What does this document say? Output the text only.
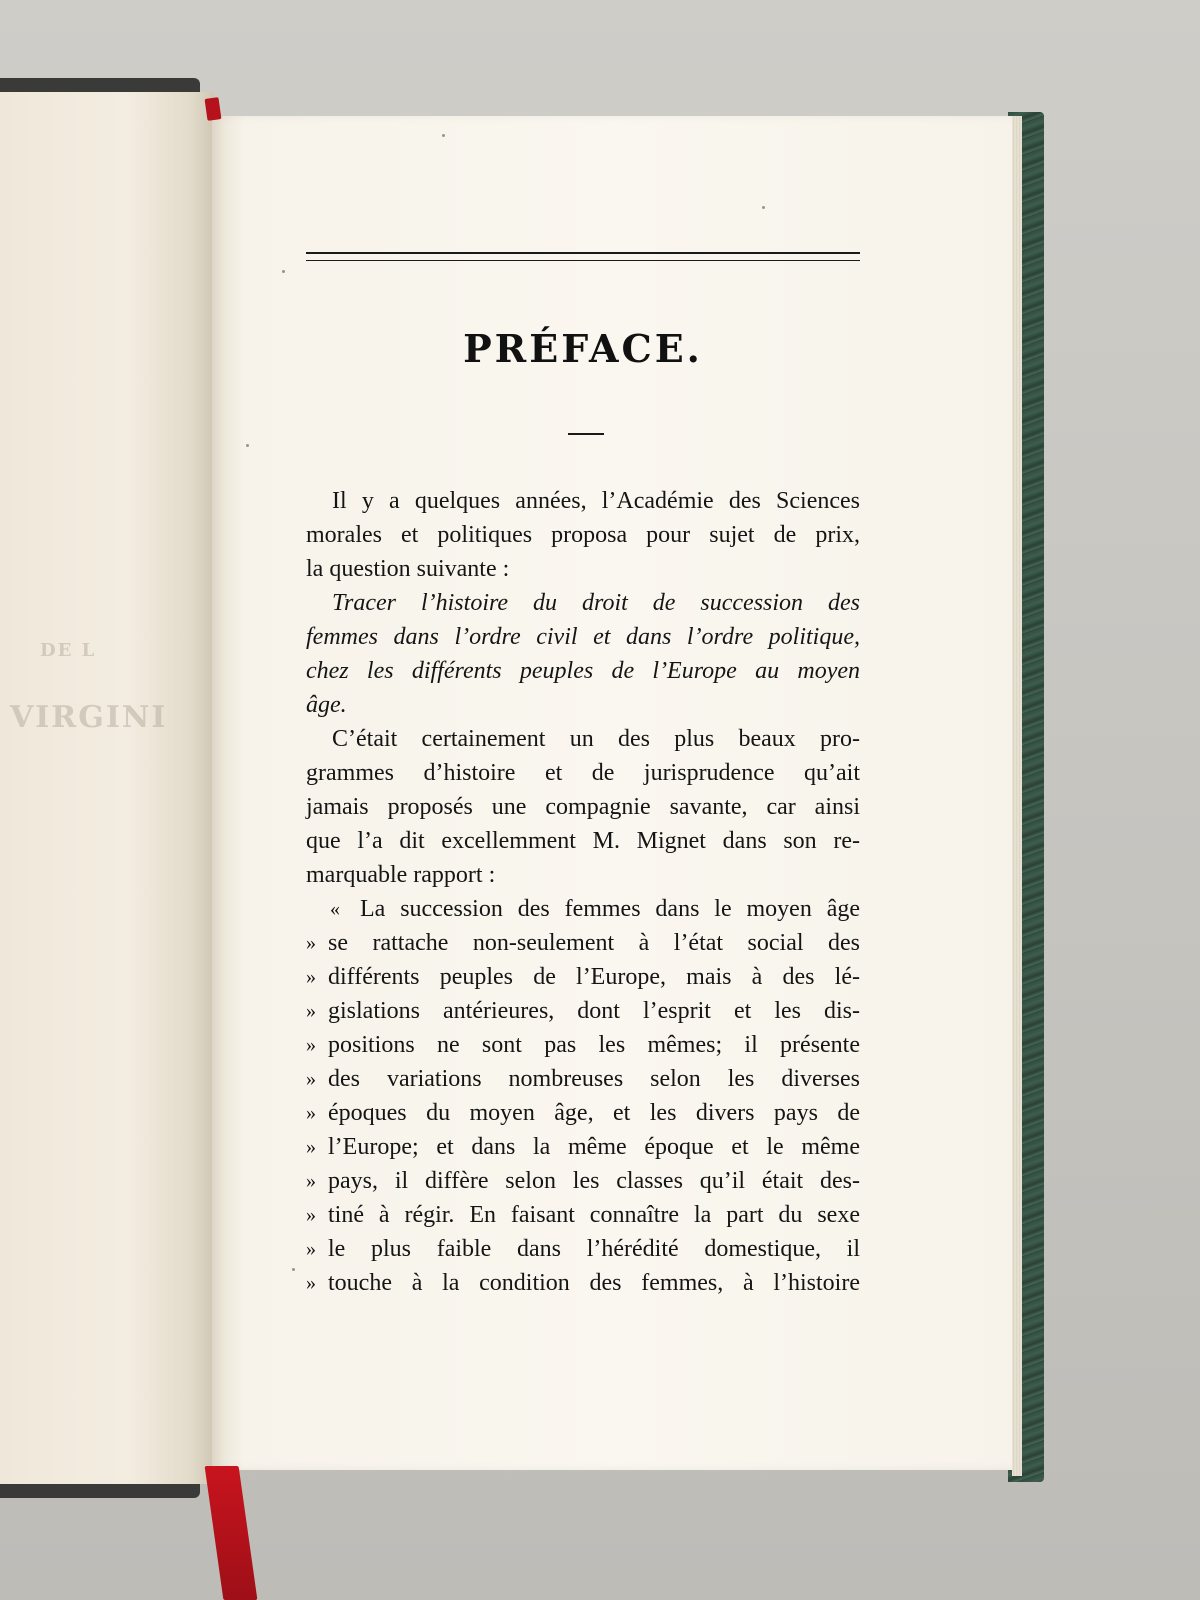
DE L
VIRGINI
PRÉFACE.
Il y a quelques années, l’Académie des Sciences
morales et politiques proposa pour sujet de prix,
la question suivante :
Tracer l’histoire du droit de succession des
femmes dans l’ordre civil et dans l’ordre politique,
chez les différents peuples de l’Europe au moyen
âge.
C’était certainement un des plus beaux pro-
grammes d’histoire et de jurisprudence qu’ait
jamais proposés une compagnie savante, car ainsi
que l’a dit excellemment M. Mignet dans son re-
marquable rapport :
« La succession des femmes dans le moyen âge
» se rattache non-seulement à l’état social des
» différents peuples de l’Europe, mais à des lé-
» gislations antérieures, dont l’esprit et les dis-
» positions ne sont pas les mêmes; il présente
» des variations nombreuses selon les diverses
» époques du moyen âge, et les divers pays de
» l’Europe; et dans la même époque et le même
» pays, il diffère selon les classes qu’il était des-
» tiné à régir. En faisant connaître la part du sexe
» le plus faible dans l’hérédité domestique, il
» touche à la condition des femmes, à l’histoire
